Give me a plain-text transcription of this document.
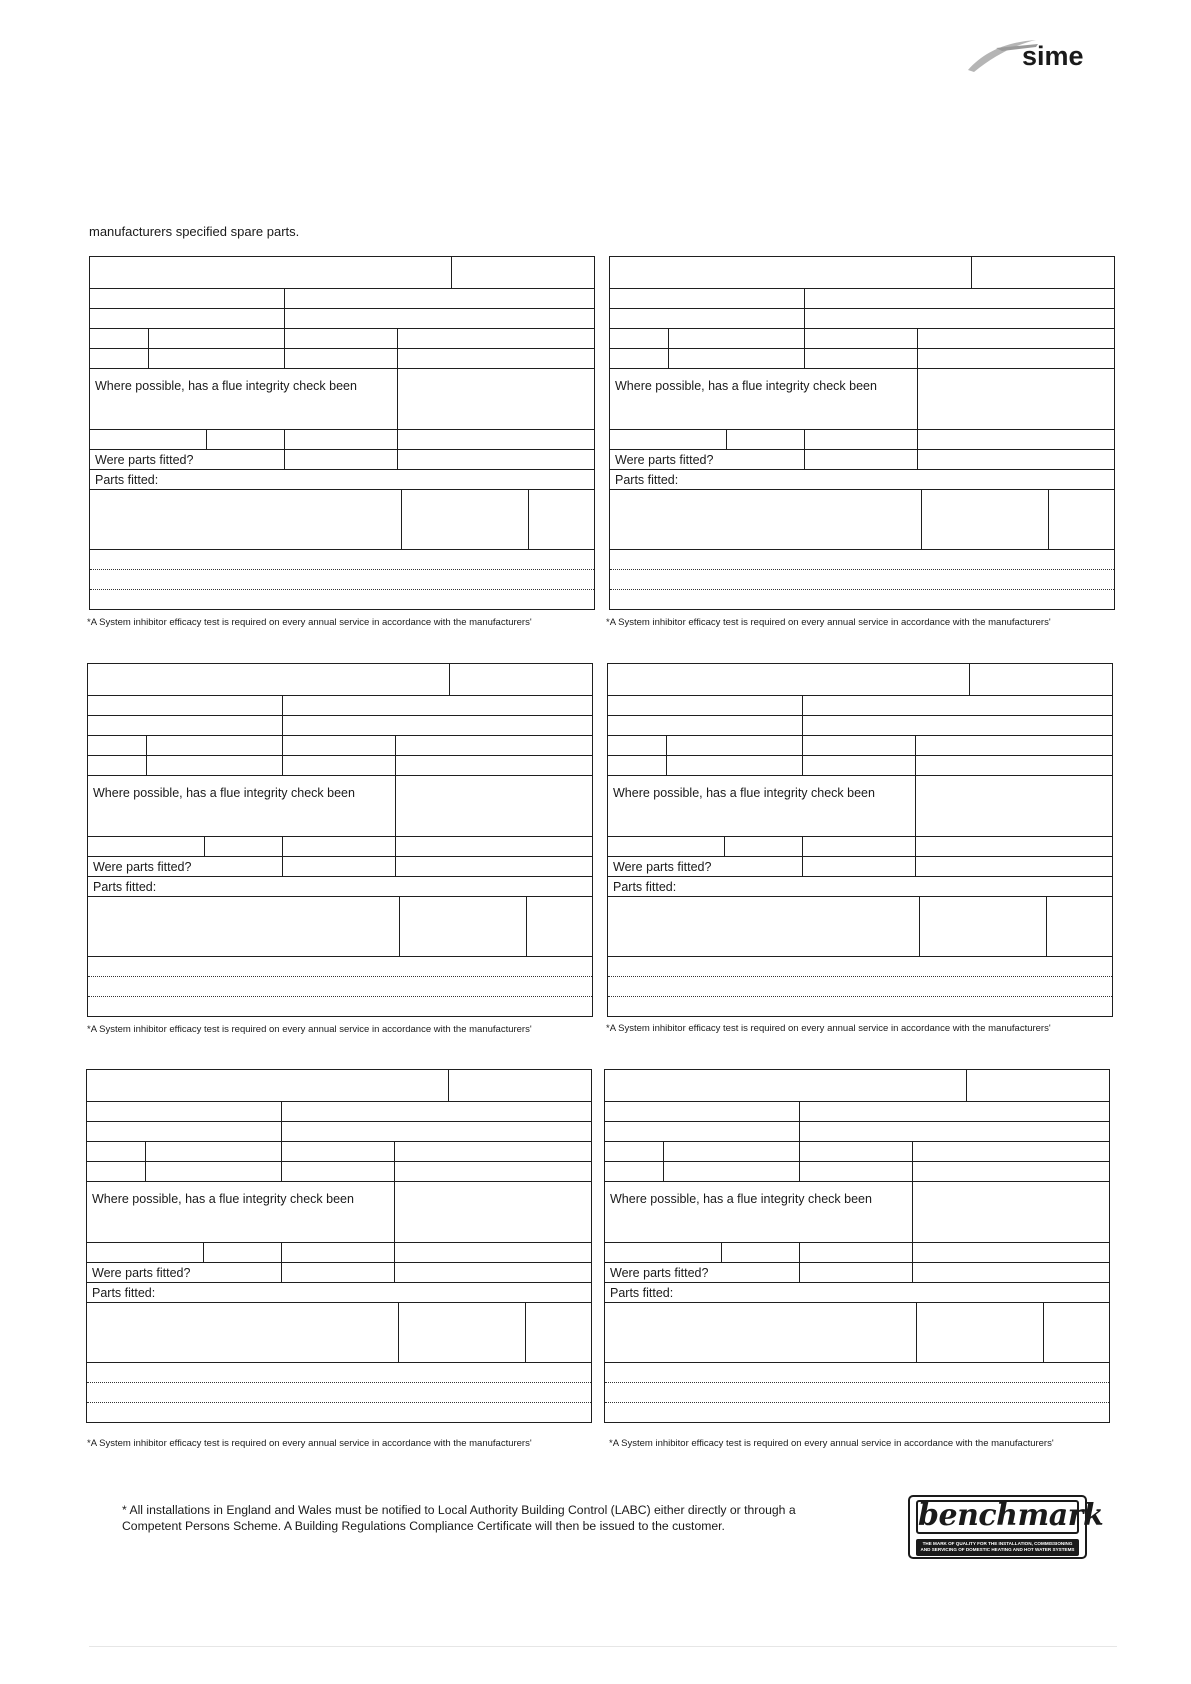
sime

manufacturers specified spare parts.

Where possible, has a flue integrity check been
Were parts fitted?
Parts fitted:

*A System inhibitor efficacy test is required on every annual service in accordance with the manufacturers'

Where possible, has a flue integrity check been
Were parts fitted?
Parts fitted:

*A System inhibitor efficacy test is required on every annual service in accordance with the manufacturers'

Where possible, has a flue integrity check been
Were parts fitted?
Parts fitted:

*A System inhibitor efficacy test is required on every annual service in accordance with the manufacturers'

Where possible, has a flue integrity check been
Were parts fitted?
Parts fitted:

*A System inhibitor efficacy test is required on every annual service in accordance with the manufacturers'

Where possible, has a flue integrity check been
Were parts fitted?
Parts fitted:

*A System inhibitor efficacy test is required on every annual service in accordance with the manufacturers'

Where possible, has a flue integrity check been
Were parts fitted?
Parts fitted:

*A System inhibitor efficacy test is required on every annual service in accordance with the manufacturers'

* All installations in England and Wales must be notified to Local Authority Building Control (LABC) either directly or through a
Competent Persons Scheme. A Building Regulations Compliance Certificate will then be issued to the customer.	benchmark
THE MARK OF QUALITY FOR THE INSTALLATION, COMMISSIONING
AND SERVICING OF DOMESTIC HEATING AND HOT WATER SYSTEMS
